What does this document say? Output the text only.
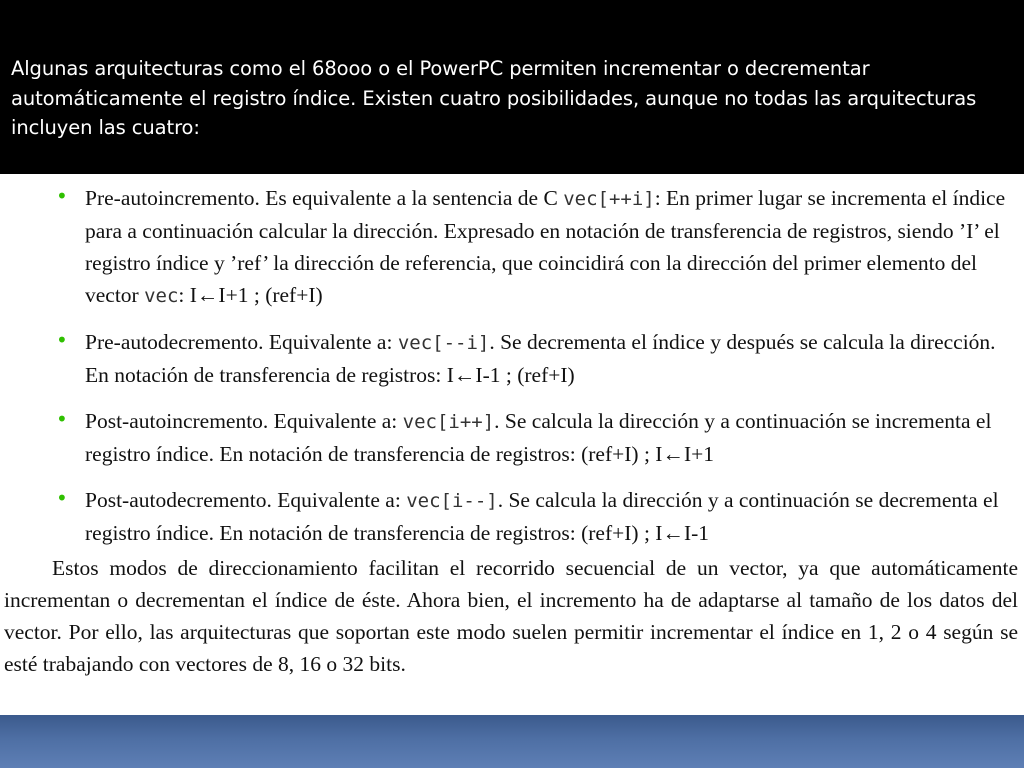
Algunas arquitecturas como el 68ooo o el PowerPC permiten incrementar o decrementar automáticamente el registro índice. Existen cuatro posibilidades, aunque no todas las arquitecturas incluyen las cuatro:
• Pre-autoincremento. Es equivalente a la sentencia de C vec[++i]: En primer lugar se incrementa el índice para a continuación calcular la dirección. Expresado en notación de transferencia de registros, siendo ’I’ el registro índice y ’ref’ la dirección de referencia, que coincidirá con la dirección del primer elemento del vector vec: I←I+1 ; (ref+I)
• Pre-autodecremento. Equivalente a: vec[--i]. Se decrementa el índice y después se calcula la dirección. En notación de transferencia de registros: I←I-1 ; (ref+I)
• Post-autoincremento. Equivalente a: vec[i++]. Se calcula la dirección y a continuación se incrementa el registro índice. En notación de transferencia de registros: (ref+I) ; I←I+1
• Post-autodecremento. Equivalente a: vec[i--]. Se calcula la dirección y a continuación se decrementa el registro índice. En notación de transferencia de registros: (ref+I) ; I←I-1

Estos modos de direccionamiento facilitan el recorrido secuencial de un vector, ya que automáticamente incrementan o decrementan el índice de éste. Ahora bien, el incremento ha de adaptarse al tamaño de los datos del vector. Por ello, las arquitecturas que soportan este modo suelen permitir incrementar el índice en 1, 2 o 4 según se esté trabajando con vectores de 8, 16 o 32 bits.
